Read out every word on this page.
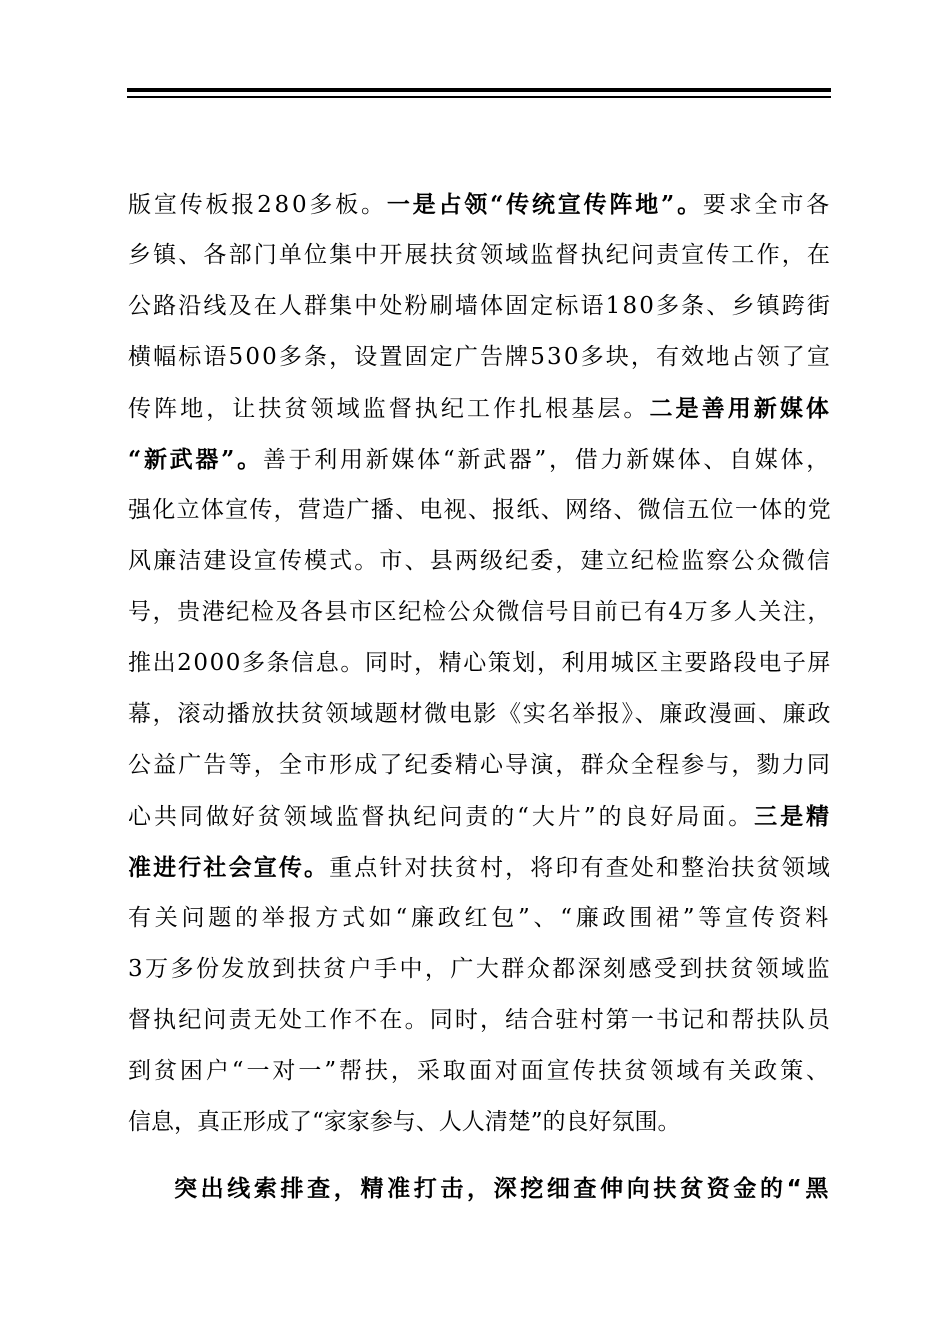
版宣传板报280多板。一是占领“传统宣传阵地”。要求全市各
乡镇、各部门单位集中开展扶贫领域监督执纪问责宣传工作，在
公路沿线及在人群集中处粉刷墙体固定标语180多条、乡镇跨街
横幅标语500多条，设置固定广告牌530多块，有效地占领了宣
传阵地，让扶贫领域监督执纪工作扎根基层。二是善用新媒体
“新武器”。善于利用新媒体“新武器”，借力新媒体、自媒体，
强化立体宣传，营造广播、电视、报纸、网络、微信五位一体的党
风廉洁建设宣传模式。市、县两级纪委，建立纪检监察公众微信
号，贵港纪检及各县市区纪检公众微信号目前已有4万多人关注，
推出2000多条信息。同时，精心策划，利用城区主要路段电子屏
幕，滚动播放扶贫领域题材微电影《实名举报》、廉政漫画、廉政
公益广告等，全市形成了纪委精心导演，群众全程参与，勠力同
心共同做好贫领域监督执纪问责的“大片”的良好局面。三是精
准进行社会宣传。重点针对扶贫村，将印有查处和整治扶贫领域
有关问题的举报方式如“廉政红包”、“廉政围裙”等宣传资料
3万多份发放到扶贫户手中，广大群众都深刻感受到扶贫领域监
督执纪问责无处工作不在。同时，结合驻村第一书记和帮扶队员
到贫困户“一对一”帮扶，采取面对面宣传扶贫领域有关政策、
信息，真正形成了“家家参与、人人清楚”的良好氛围。
突出线索排查，精准打击，深挖细查伸向扶贫资金的“黑
